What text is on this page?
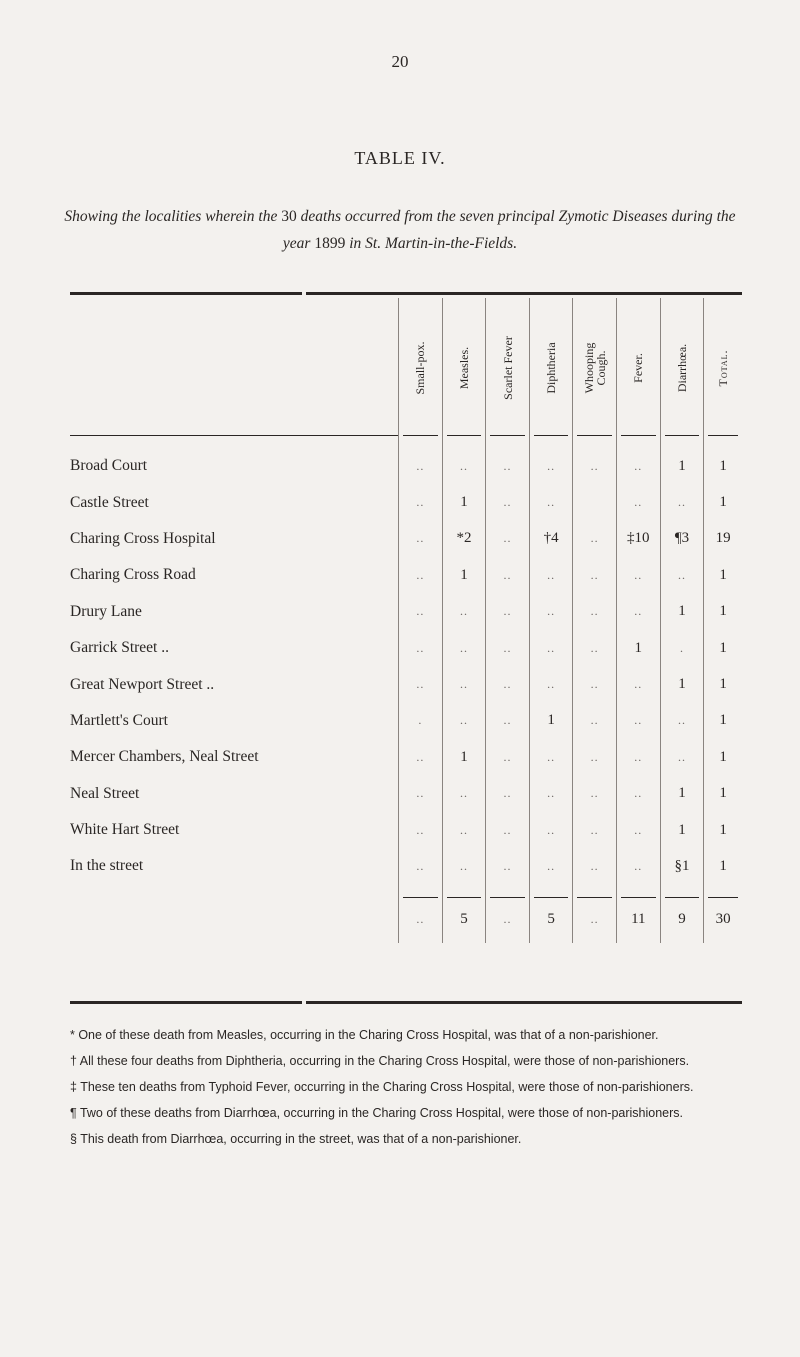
20
TABLE IV.
Showing the localities wherein the 30 deaths occurred from the seven principal Zymotic Diseases during the year 1899 in St. Martin-in-the-Fields.

	Small-pox.	Measles.	Scarlet Fever	Diphtheria	Whooping Cough.	Fever.	Diarrhœa.	Total.

Broad Court	..	..	..	..	..	..	1	1
Castle Street	..	1	..	..		..	..	1
Charing Cross Hospital	..	*2	..	†4	..	‡10	¶3	19
Charing Cross Road	..	1	..	..	..	..	..	1
Drury Lane	..	..	..	..	..	..	1	1
Garrick Street ..	..	..	..	..	..	1	.	1
Great Newport Street ..	..	..	..	..	..	..	1	1
Martlett's Court	.	..	..	1	..	..	..	1
Mercer Chambers, Neal Street	..	1	..	..	..	..	..	1
Neal Street	..	..	..	..	..	..	1	1
White Hart Street	..	..	..	..	..	..	1	1
In the street	..	..	..	..	..	..	§1	1

..	5	..	5	..	11	9	30

* One of these death from Measles, occurring in the Charing Cross Hospital, was that of a non-parishioner.

† All these four deaths from Diphtheria, occurring in the Charing Cross Hospital, were those of non-parishioners.

‡ These ten deaths from Typhoid Fever, occurring in the Charing Cross Hospital, were those of non-parishioners.

¶ Two of these deaths from Diarrhœa, occurring in the Charing Cross Hospital, were those of non-parishioners.

§ This death from Diarrhœa, occurring in the street, was that of a non-parishioner.
